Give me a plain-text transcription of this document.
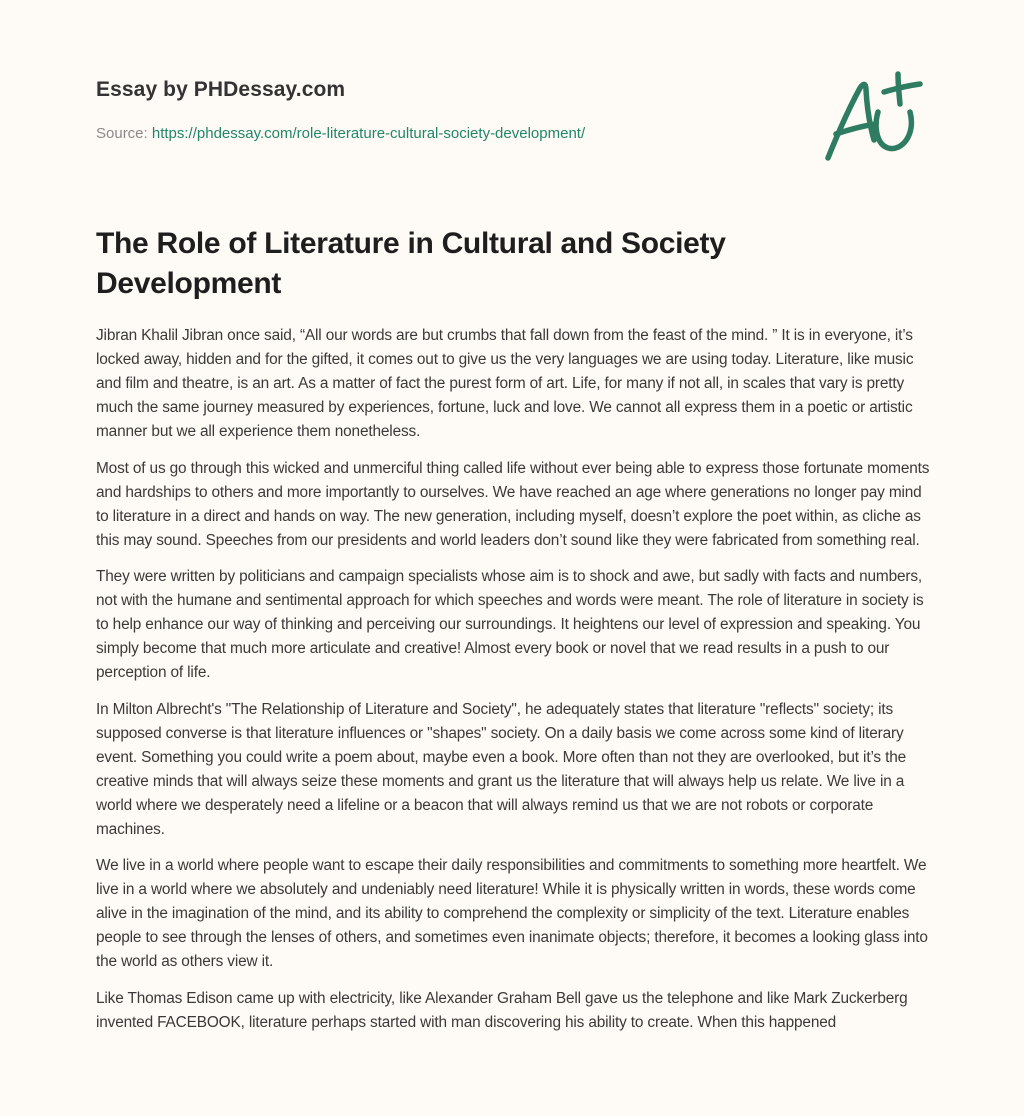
Essay by PHDessay.com
Source: https://phdessay.com/role-literature-cultural-society-development/
The Role of Literature in Cultural and Society Development

Jibran Khalil Jibran once said, “All our words are but crumbs that fall down from the feast of the mind. ” It is in everyone, it’s locked away, hidden and for the gifted, it comes out to give us the very languages we are using today. Literature, like music and film and theatre, is an art. As a matter of fact the purest form of art. Life, for many if not all, in scales that vary is pretty much the same journey measured by experiences, fortune, luck and love. We cannot all express them in a poetic or artistic manner but we all experience them nonetheless.

Most of us go through this wicked and unmerciful thing called life without ever being able to express those fortunate moments and hardships to others and more importantly to ourselves. We have reached an age where generations no longer pay mind to literature in a direct and hands on way. The new generation, including myself, doesn’t explore the poet within, as cliche as this may sound. Speeches from our presidents and world leaders don’t sound like they were fabricated from something real.

They were written by politicians and campaign specialists whose aim is to shock and awe, but sadly with facts and numbers, not with the humane and sentimental approach for which speeches and words were meant. The role of literature in society is to help enhance our way of thinking and perceiving our surroundings. It heightens our level of expression and speaking. You simply become that much more articulate and creative! Almost every book or novel that we read results in a push to our perception of life.

In Milton Albrecht's "The Relationship of Literature and Society", he adequately states that literature "reflects" society; its supposed converse is that literature influences or "shapes" society. On a daily basis we come across some kind of literary event. Something you could write a poem about, maybe even a book. More often than not they are overlooked, but it’s the creative minds that will always seize these moments and grant us the literature that will always help us relate. We live in a world where we desperately need a lifeline or a beacon that will always remind us that we are not robots or corporate machines.

We live in a world where people want to escape their daily responsibilities and commitments to something more heartfelt. We live in a world where we absolutely and undeniably need literature! While it is physically written in words, these words come alive in the imagination of the mind, and its ability to comprehend the complexity or simplicity of the text. Literature enables people to see through the lenses of others, and sometimes even inanimate objects; therefore, it becomes a looking glass into the world as others view it.

Like Thomas Edison came up with electricity, like Alexander Graham Bell gave us the telephone and like Mark Zuckerberg invented FACEBOOK, literature perhaps started with man discovering his ability to create. When this happened
